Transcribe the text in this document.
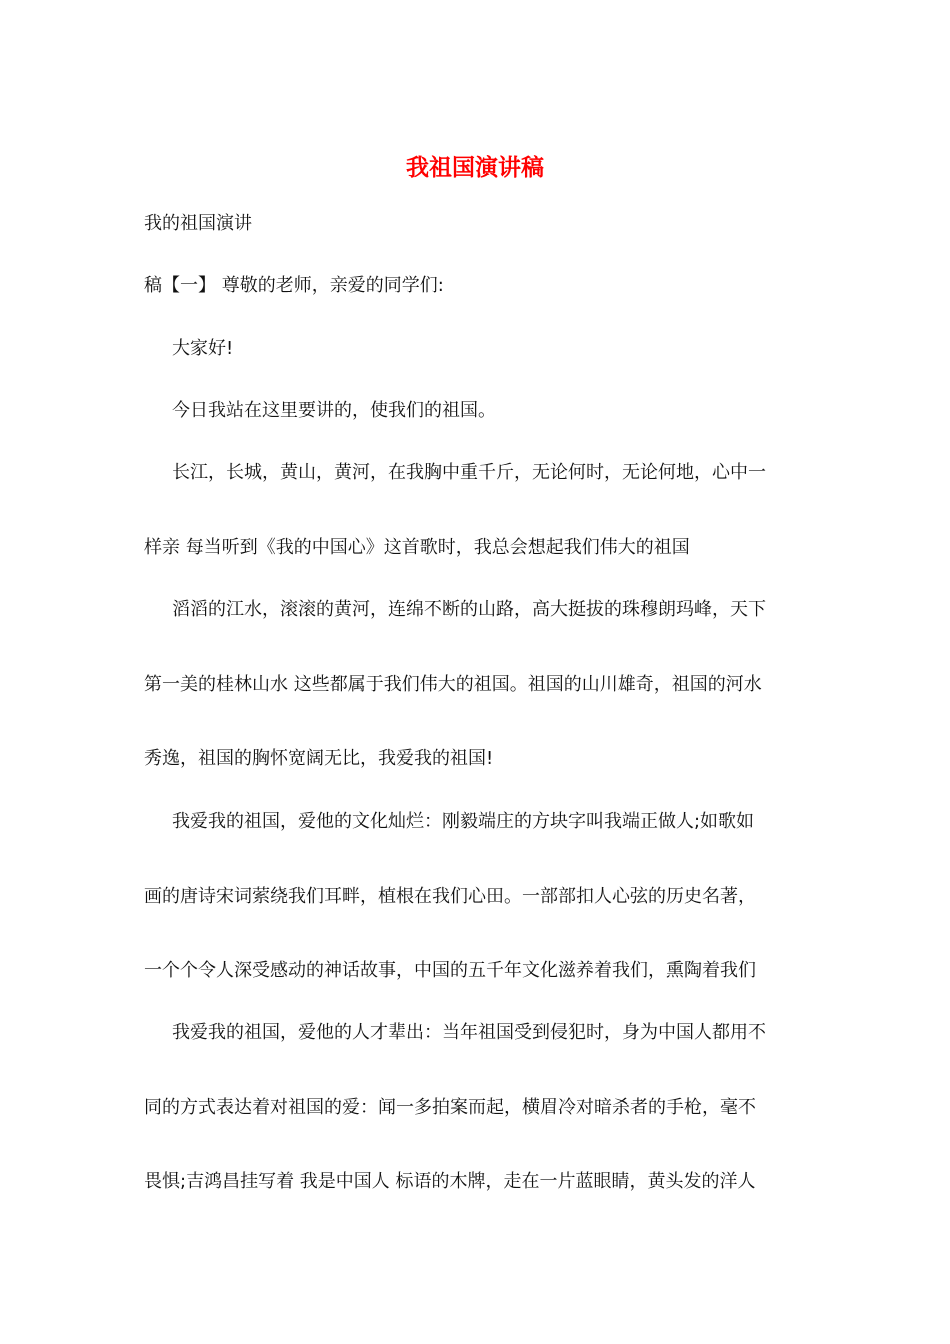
我祖国演讲稿
我的祖国演讲
稿【一】 尊敬的老师，亲爱的同学们:
大家好!
今日我站在这里要讲的，使我们的祖国。
长江，长城，黄山，黄河，在我胸中重千斤，无论何时，无论何地，心中一
样亲 每当听到《我的中国心》这首歌时，我总会想起我们伟大的祖国
滔滔的江水，滚滚的黄河，连绵不断的山路，高大挺拔的珠穆朗玛峰，天下
第一美的桂林山水 这些都属于我们伟大的祖国。祖国的山川雄奇，祖国的河水
秀逸，祖国的胸怀宽阔无比，我爱我的祖国!
我爱我的祖国，爱他的文化灿烂：刚毅端庄的方块字叫我端正做人;如歌如
画的唐诗宋词萦绕我们耳畔，植根在我们心田。一部部扣人心弦的历史名著，
一个个令人深受感动的神话故事，中国的五千年文化滋养着我们，熏陶着我们
我爱我的祖国，爱他的人才辈出：当年祖国受到侵犯时，身为中国人都用不
同的方式表达着对祖国的爱：闻一多拍案而起，横眉冷对暗杀者的手枪，毫不
畏惧;吉鸿昌挂写着 我是中国人 标语的木牌，走在一片蓝眼睛，黄头发的洋人
